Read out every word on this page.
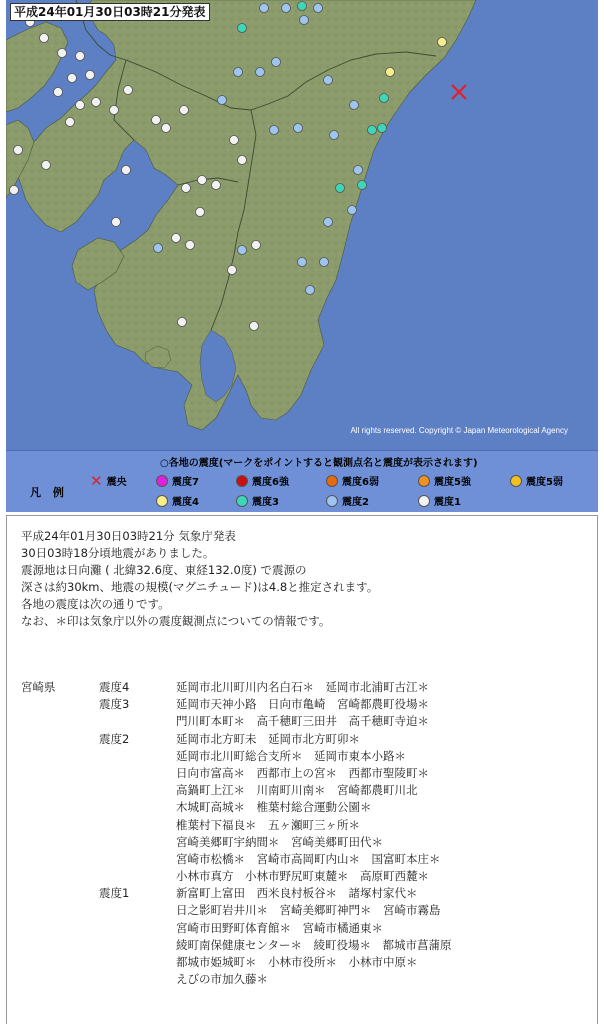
平成24年01月30日03時21分発表
All rights reserved. Copyright © Japan Meteorological Agency
○各地の震度(マークをポイントすると観測点名と震度が表示されます)
凡 例
✕ 震央	震度7	震度6強	震度6弱	震度5強	震度5弱
震度4	震度3	震度2	震度1
平成24年01月30日03時21分 気象庁発表
30日03時18分頃地震がありました。
震源地は日向灘 ( 北緯32.6度、東経132.0度) で震源の
深さは約30km、地震の規模(マグニチュード)は4.8と推定されます。
各地の震度は次の通りです。
なお、＊印は気象庁以外の震度観測点についての情報です。
宮崎県	震度4	延岡市北川町川内名白石＊　延岡市北浦町古江＊
震度3	延岡市天神小路　日向市亀崎　宮崎都農町役場＊
門川町本町＊　高千穂町三田井　高千穂町寺迫＊
震度2	延岡市北方町未　延岡市北方町卯＊
延岡市北川町総合支所＊　延岡市東本小路＊
日向市富高＊　西都市上の宮＊　西都市聖陵町＊
高鍋町上江＊　川南町川南＊　宮崎都農町川北
木城町高城＊　椎葉村総合運動公園＊
椎葉村下福良＊　五ヶ瀬町三ヶ所＊
宮崎美郷町宇納間＊　宮崎美郷町田代＊
宮崎市松橋＊　宮崎市高岡町内山＊　国富町本庄＊
小林市真方　小林市野尻町東麓＊　高原町西麓＊
震度1	新富町上富田　西米良村板谷＊　諸塚村家代＊
日之影町岩井川＊　宮崎美郷町神門＊　宮崎市霧島
宮崎市田野町体育館＊　宮崎市橘通東＊
綾町南保健康センター＊　綾町役場＊　都城市菖蒲原
都城市姫城町＊　小林市役所＊　小林市中原＊
えびの市加久藤＊
